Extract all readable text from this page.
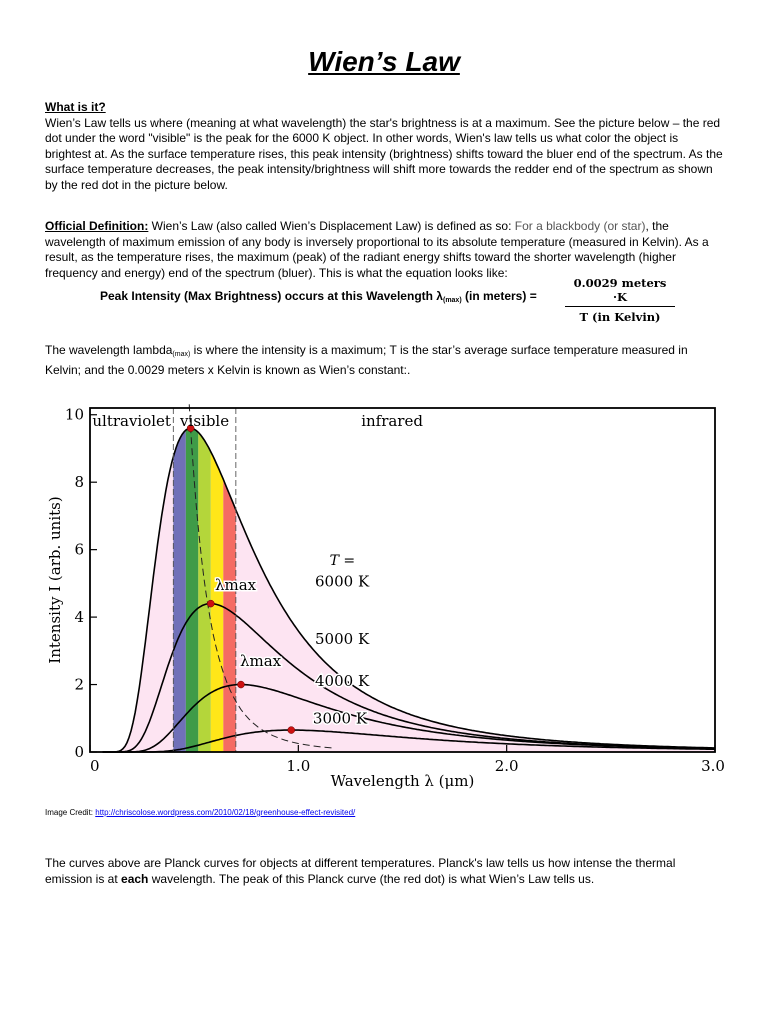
Wien’s Law
What is it?
Wien’s Law tells us where (meaning at what wavelength) the star's brightness is at a maximum. See the picture below – the red dot under the word "visible" is the peak for the 6000 K object. In other words, Wien's law tells us what color the object is brightest at. As the surface temperature rises, this peak intensity (brightness) shifts toward the bluer end of the spectrum. As the surface temperature decreases, the peak intensity/brightness will shift more towards the redder end of the spectrum as shown by the red dot in the picture below.
Official Definition: Wien’s Law (also called Wien’s Displacement Law) is defined as so: For a blackbody (or star), the wavelength of maximum emission of any body is inversely proportional to its absolute temperature (measured in Kelvin). As a result, as the temperature rises, the maximum (peak) of the radiant energy shifts toward the shorter wavelength (higher frequency and energy) end of the spectrum (bluer). This is what the equation looks like:
Peak Intensity (Max Brightness) occurs at this Wavelength $\lambda_{(max)}$ (in meters) =
0.0029 meters ·K
T (in Kelvin)
The wavelength lambda$_{(max)}$ is where the intensity is a maximum; T is the star’s average surface temperature measured in Kelvin; and the 0.0029 meters x Kelvin is known as Wien’s constant:.
0
2
4
6
8
10
0	1.0	2.0	3.0
Wavelength λ (μm)
Intensity I (arb. units)
ultraviolet visible	infrared
T =
6000 K
5000 K
4000 K
3000 K
λmax
λmax
Image Credit: http://chriscolose.wordpress.com/2010/02/18/greenhouse-effect-revisited/
The curves above are Planck curves for objects at different temperatures. Planck's law tells us how intense the thermal emission is at each wavelength. The peak of this Planck curve (the red dot) is what Wien’s Law tells us.
